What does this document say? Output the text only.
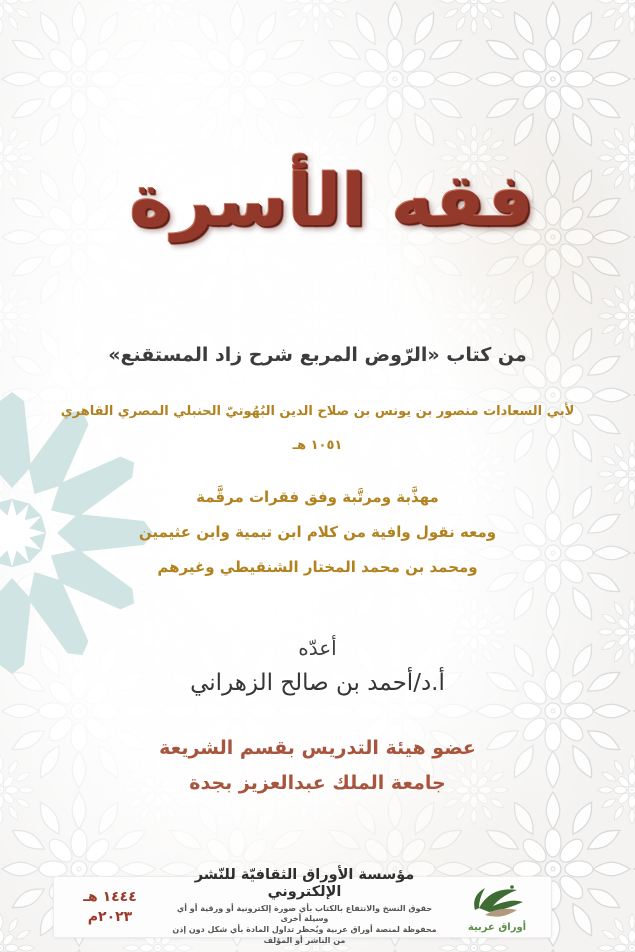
فقه الأسرة
من كتاب «الرّوض المربع شرح زاد المستقنع»
لأبي السعادات منصور بن يونس بن صلاح الدين البُهُوتيّ الحنبلي المصري القاهري
١٠٥١ هـ
مهذَّبة ومرتَّبة وفق فقرات مرقَّمة
ومعه نقول وافية من كلام ابن تيمية وابن عثيمين
ومحمد بن محمد المختار الشنقيطي وغيرهم
أعدّه
أ.د/أحمد بن صالح الزهراني
عضو هيئة التدريس بقسم الشريعة
جامعة الملك عبدالعزيز بجدة
أوراق عربية
مؤسسة الأوراق الثقافيّة للنّشر الإلكتروني
حقوق النسخ والانتفاع بالكتاب بأي صورة إلكترونية أو ورقية أو أي وسيلة أخرى
محفوظة لمنصة أوراق عربية ويُحظر تداول المادة بأي شكل دون إذن من الناشر أو المؤلف
١٤٤٤ هـ
٢٠٢٣م
